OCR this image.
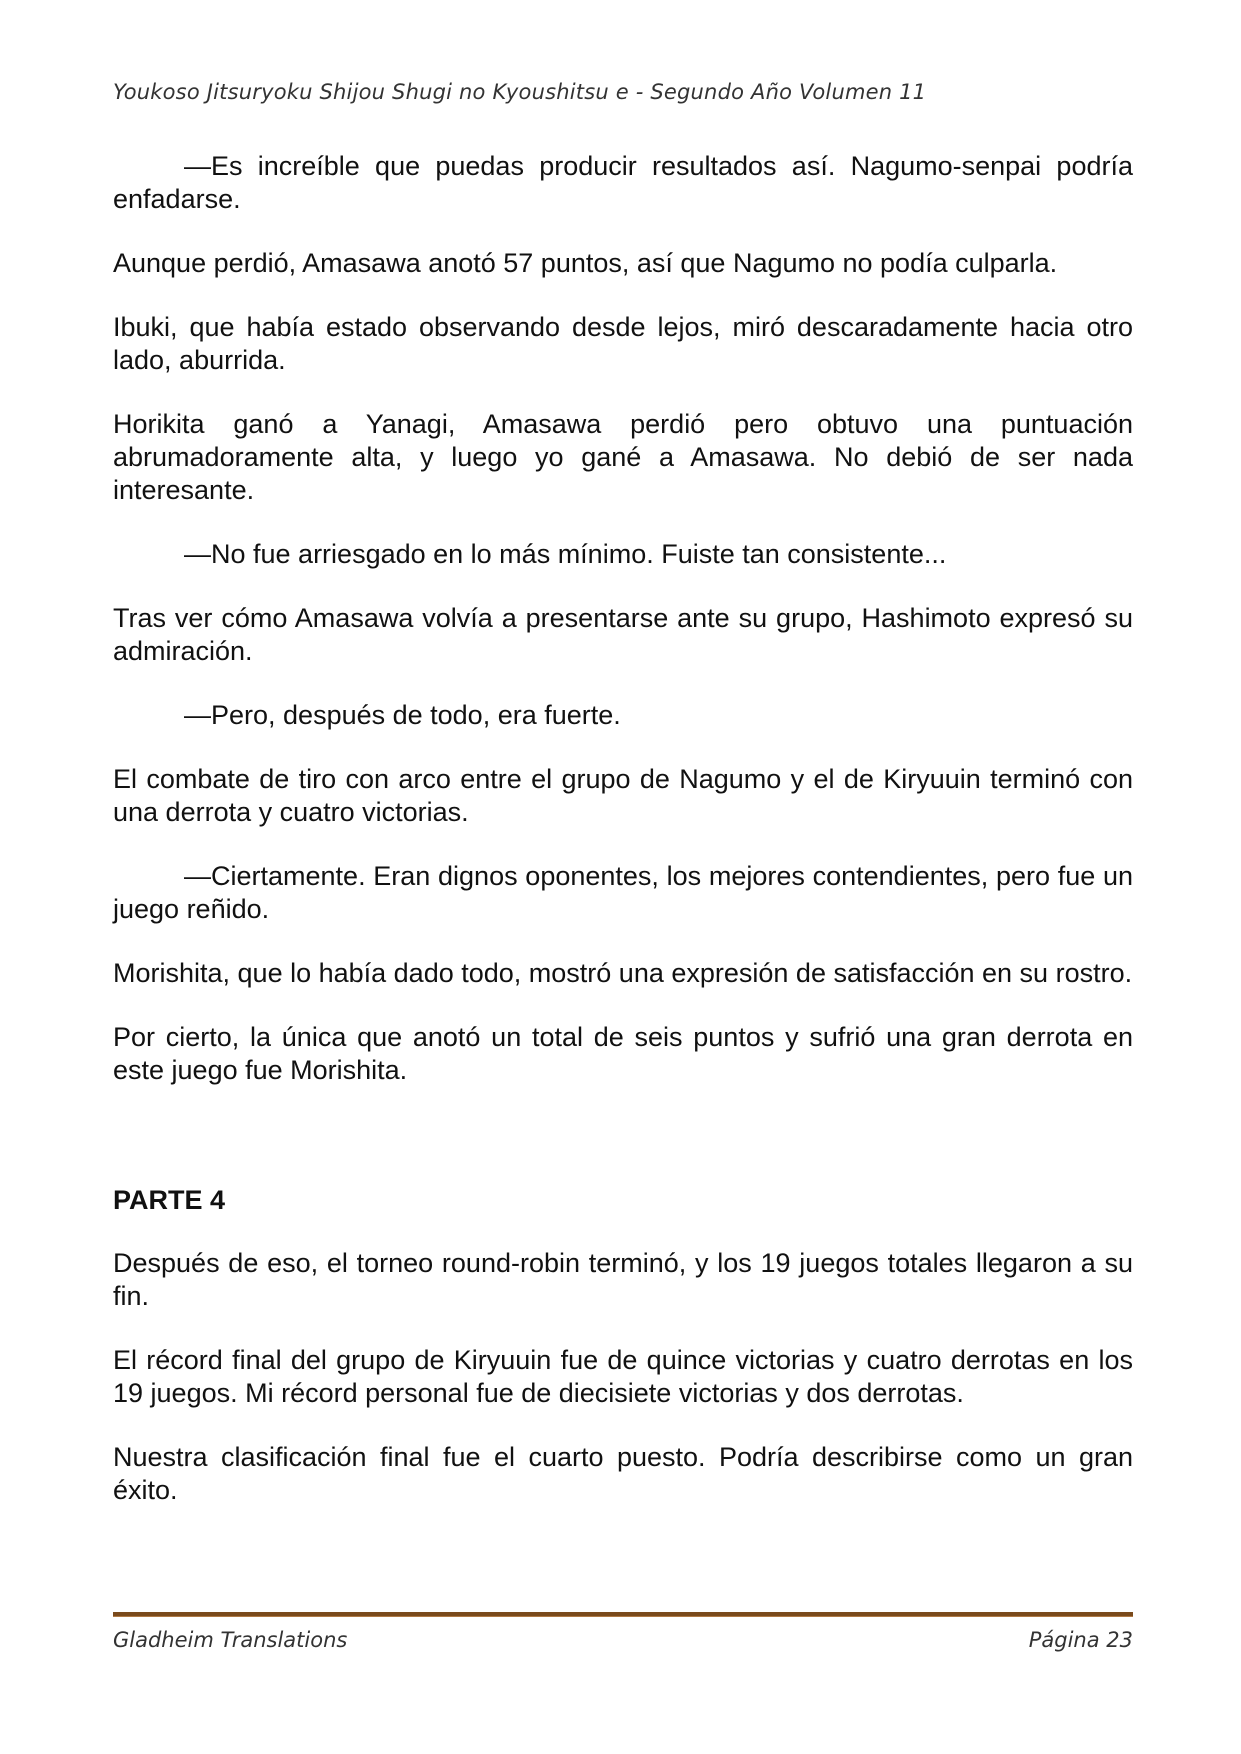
Youkoso Jitsuryoku Shijou Shugi no Kyoushitsu e - Segundo Año Volumen 11

—Es increíble que puedas producir resultados así. Nagumo-senpai podría enfadarse.

Aunque perdió, Amasawa anotó 57 puntos, así que Nagumo no podía culparla.

Ibuki, que había estado observando desde lejos, miró descaradamente hacia otro lado, aburrida.

Horikita ganó a Yanagi, Amasawa perdió pero obtuvo una puntuación abrumadoramente alta, y luego yo gané a Amasawa. No debió de ser nada interesante.

—No fue arriesgado en lo más mínimo. Fuiste tan consistente...

Tras ver cómo Amasawa volvía a presentarse ante su grupo, Hashimoto expresó su admiración.

—Pero, después de todo, era fuerte.

El combate de tiro con arco entre el grupo de Nagumo y el de Kiryuuin terminó con una derrota y cuatro victorias.

—Ciertamente. Eran dignos oponentes, los mejores contendientes, pero fue un juego reñido.

Morishita, que lo había dado todo, mostró una expresión de satisfacción en su rostro.

Por cierto, la única que anotó un total de seis puntos y sufrió una gran derrota en este juego fue Morishita.

PARTE 4

Después de eso, el torneo round-robin terminó, y los 19 juegos totales llegaron a su fin.

El récord final del grupo de Kiryuuin fue de quince victorias y cuatro derrotas en los 19 juegos. Mi récord personal fue de diecisiete victorias y dos derrotas.

Nuestra clasificación final fue el cuarto puesto. Podría describirse como un gran éxito.

Gladheim Translations	Página 23
